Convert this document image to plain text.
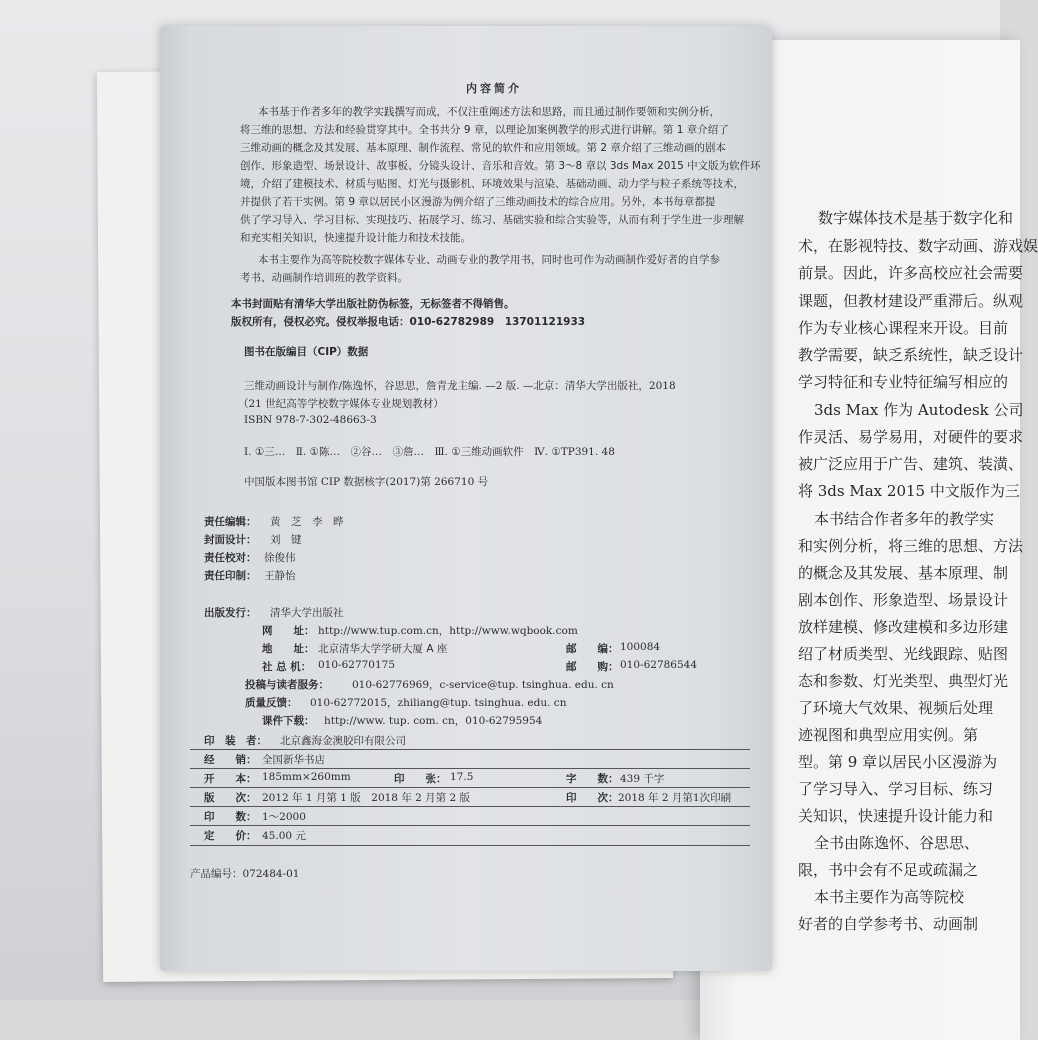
数字媒体技术是基于数字化和
术，在影视特技、数字动画、游戏娱
前景。因此，许多高校应社会需要
课题，但教材建设严重滞后。纵观
作为专业核心课程来开设。目前
教学需要，缺乏系统性，缺乏设计
学习特征和专业特征编写相应的
3ds Max 作为 Autodesk 公司
作灵活、易学易用，对硬件的要求
被广泛应用于广告、建筑、装潢、
将 3ds Max 2015 中文版作为三
本书结合作者多年的教学实
和实例分析，将三维的思想、方法
的概念及其发展、基本原理、制
剧本创作、形象造型、场景设计
放样建模、修改建模和多边形建
绍了材质类型、光线跟踪、贴图
态和参数、灯光类型、典型灯光
了环境大气效果、视频后处理
迹视图和典型应用实例。第
型。第 9 章以居民小区漫游为
了学习导入、学习目标、练习
关知识，快速提升设计能力和
全书由陈逸怀、谷思思、
限，书中会有不足或疏漏之
本书主要作为高等院校
好者的自学参考书、动画制
内容简介
本书基于作者多年的教学实践撰写而成，不仅注重阐述方法和思路，而且通过制作要领和实例分析，
将三维的思想、方法和经验贯穿其中。全书共分 9 章，以理论加案例教学的形式进行讲解。第 1 章介绍了
三维动画的概念及其发展、基本原理、制作流程、常见的软件和应用领域。第 2 章介绍了三维动画的剧本
创作、形象造型、场景设计、故事板、分镜头设计、音乐和音效。第 3～8 章以 3ds Max 2015 中文版为软件环
境，介绍了建模技术、材质与贴图、灯光与摄影机、环境效果与渲染、基础动画、动力学与粒子系统等技术，
并提供了若干实例。第 9 章以居民小区漫游为例介绍了三维动画技术的综合应用。另外，本书每章都提
供了学习导入、学习目标、实现技巧、拓展学习、练习、基础实验和综合实验等，从而有利于学生进一步理解
和充实相关知识，快速提升设计能力和技术技能。
本书主要作为高等院校数字媒体专业、动画专业的教学用书，同时也可作为动画制作爱好者的自学参
考书、动画制作培训班的教学资料。
本书封面贴有清华大学出版社防伪标签，无标签者不得销售。
版权所有，侵权必究。侵权举报电话：010-62782989　13701121933
图书在版编目（CIP）数据
三维动画设计与制作/陈逸怀，谷思思，詹青龙主编. —2 版. —北京：清华大学出版社，2018
（21 世纪高等学校数字媒体专业规划教材）
ISBN 978-7-302-48663-3
Ⅰ. ①三…　Ⅱ. ①陈…　②谷…　③詹…　Ⅲ. ①三维动画软件　Ⅳ. ①TP391. 48
中国版本图书馆 CIP 数据核字(2017)第 266710 号
责任编辑： 黄　芝　李　晔
封面设计： 刘　键
责任校对： 徐俊伟
责任印制： 王静怡
出版发行： 清华大学出版社
网　　址： http://www.tup.com.cn，http://www.wqbook.com
地　　址： 北京清华大学学研大厦 A 座	邮　　编： 100084
社 总 机： 010-62770175	邮　　购： 010-62786544
投稿与读者服务： 010-62776969，c-service@tup. tsinghua. edu. cn
质量反馈： 010-62772015，zhiliang@tup. tsinghua. edu. cn
课件下载： http://www. tup. com. cn，010-62795954
印　装　者： 北京鑫海金澳胶印有限公司
经　　销： 全国新华书店
开　　本： 185mm×260mm	印　　张： 17.5	字　　数： 439 千字
版　　次： 2012 年 1 月第 1 版　2018 年 2 月第 2 版	印　　次： 2018 年 2 月第1次印刷
印　　数： 1～2000
定　　价： 45.00 元
产品编号：072484-01
